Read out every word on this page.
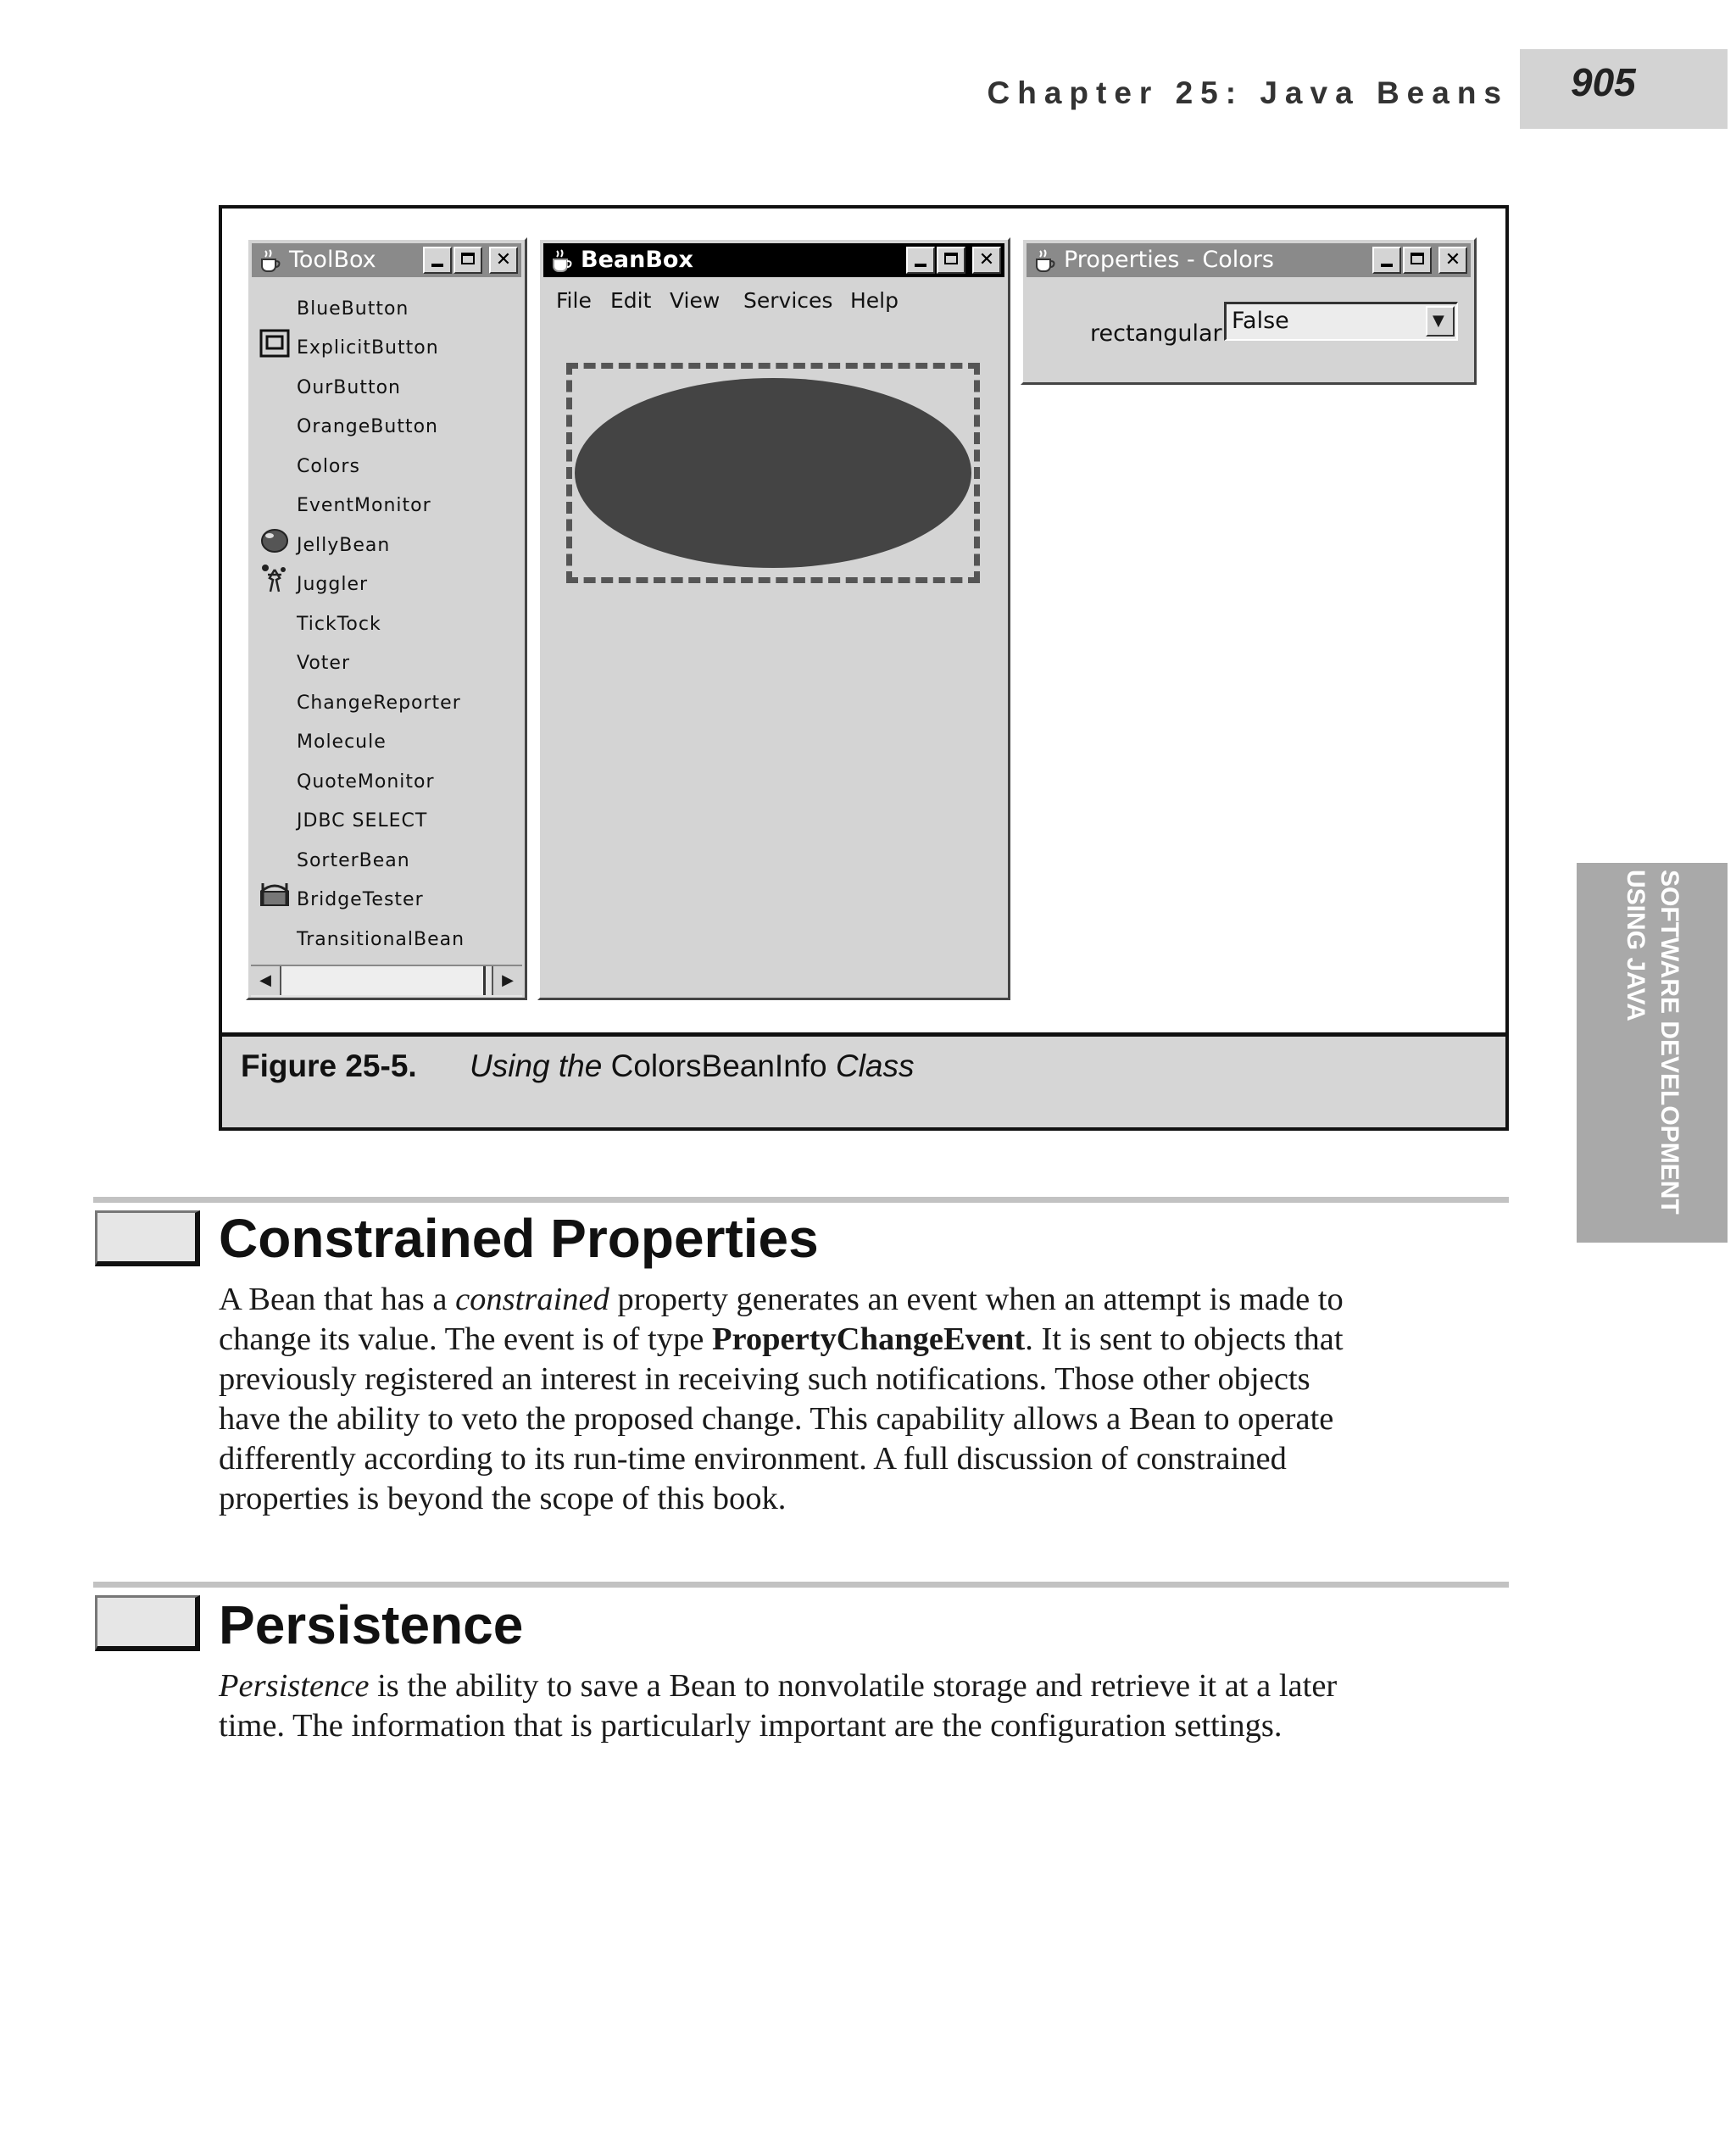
Chapter 25: Java Beans 905
SOFTWARE DEVELOPMENT
USING JAVA
ToolBox	✕
◀	▶
BlueButton
ExplicitButton
OurButton
OrangeButton
Colors
EventMonitor
JellyBean
Juggler
TickTock
Voter
ChangeReporter
Molecule
QuoteMonitor
JDBC SELECT
SorterBean
BridgeTester
TransitionalBean
BeanBox	✕
File Edit View Services Help
Properties - Colors	✕
rectangular False	▼
Figure 25-5. Using the ColorsBeanInfo Class
Constrained Properties
A Bean that has a constrained property generates an event when an attempt is made to
change its value. The event is of type PropertyChangeEvent. It is sent to objects that
previously registered an interest in receiving such notifications. Those other objects
have the ability to veto the proposed change. This capability allows a Bean to operate
differently according to its run-time environment. A full discussion of constrained
properties is beyond the scope of this book.
Persistence
Persistence is the ability to save a Bean to nonvolatile storage and retrieve it at a later
time. The information that is particularly important are the configuration settings.
